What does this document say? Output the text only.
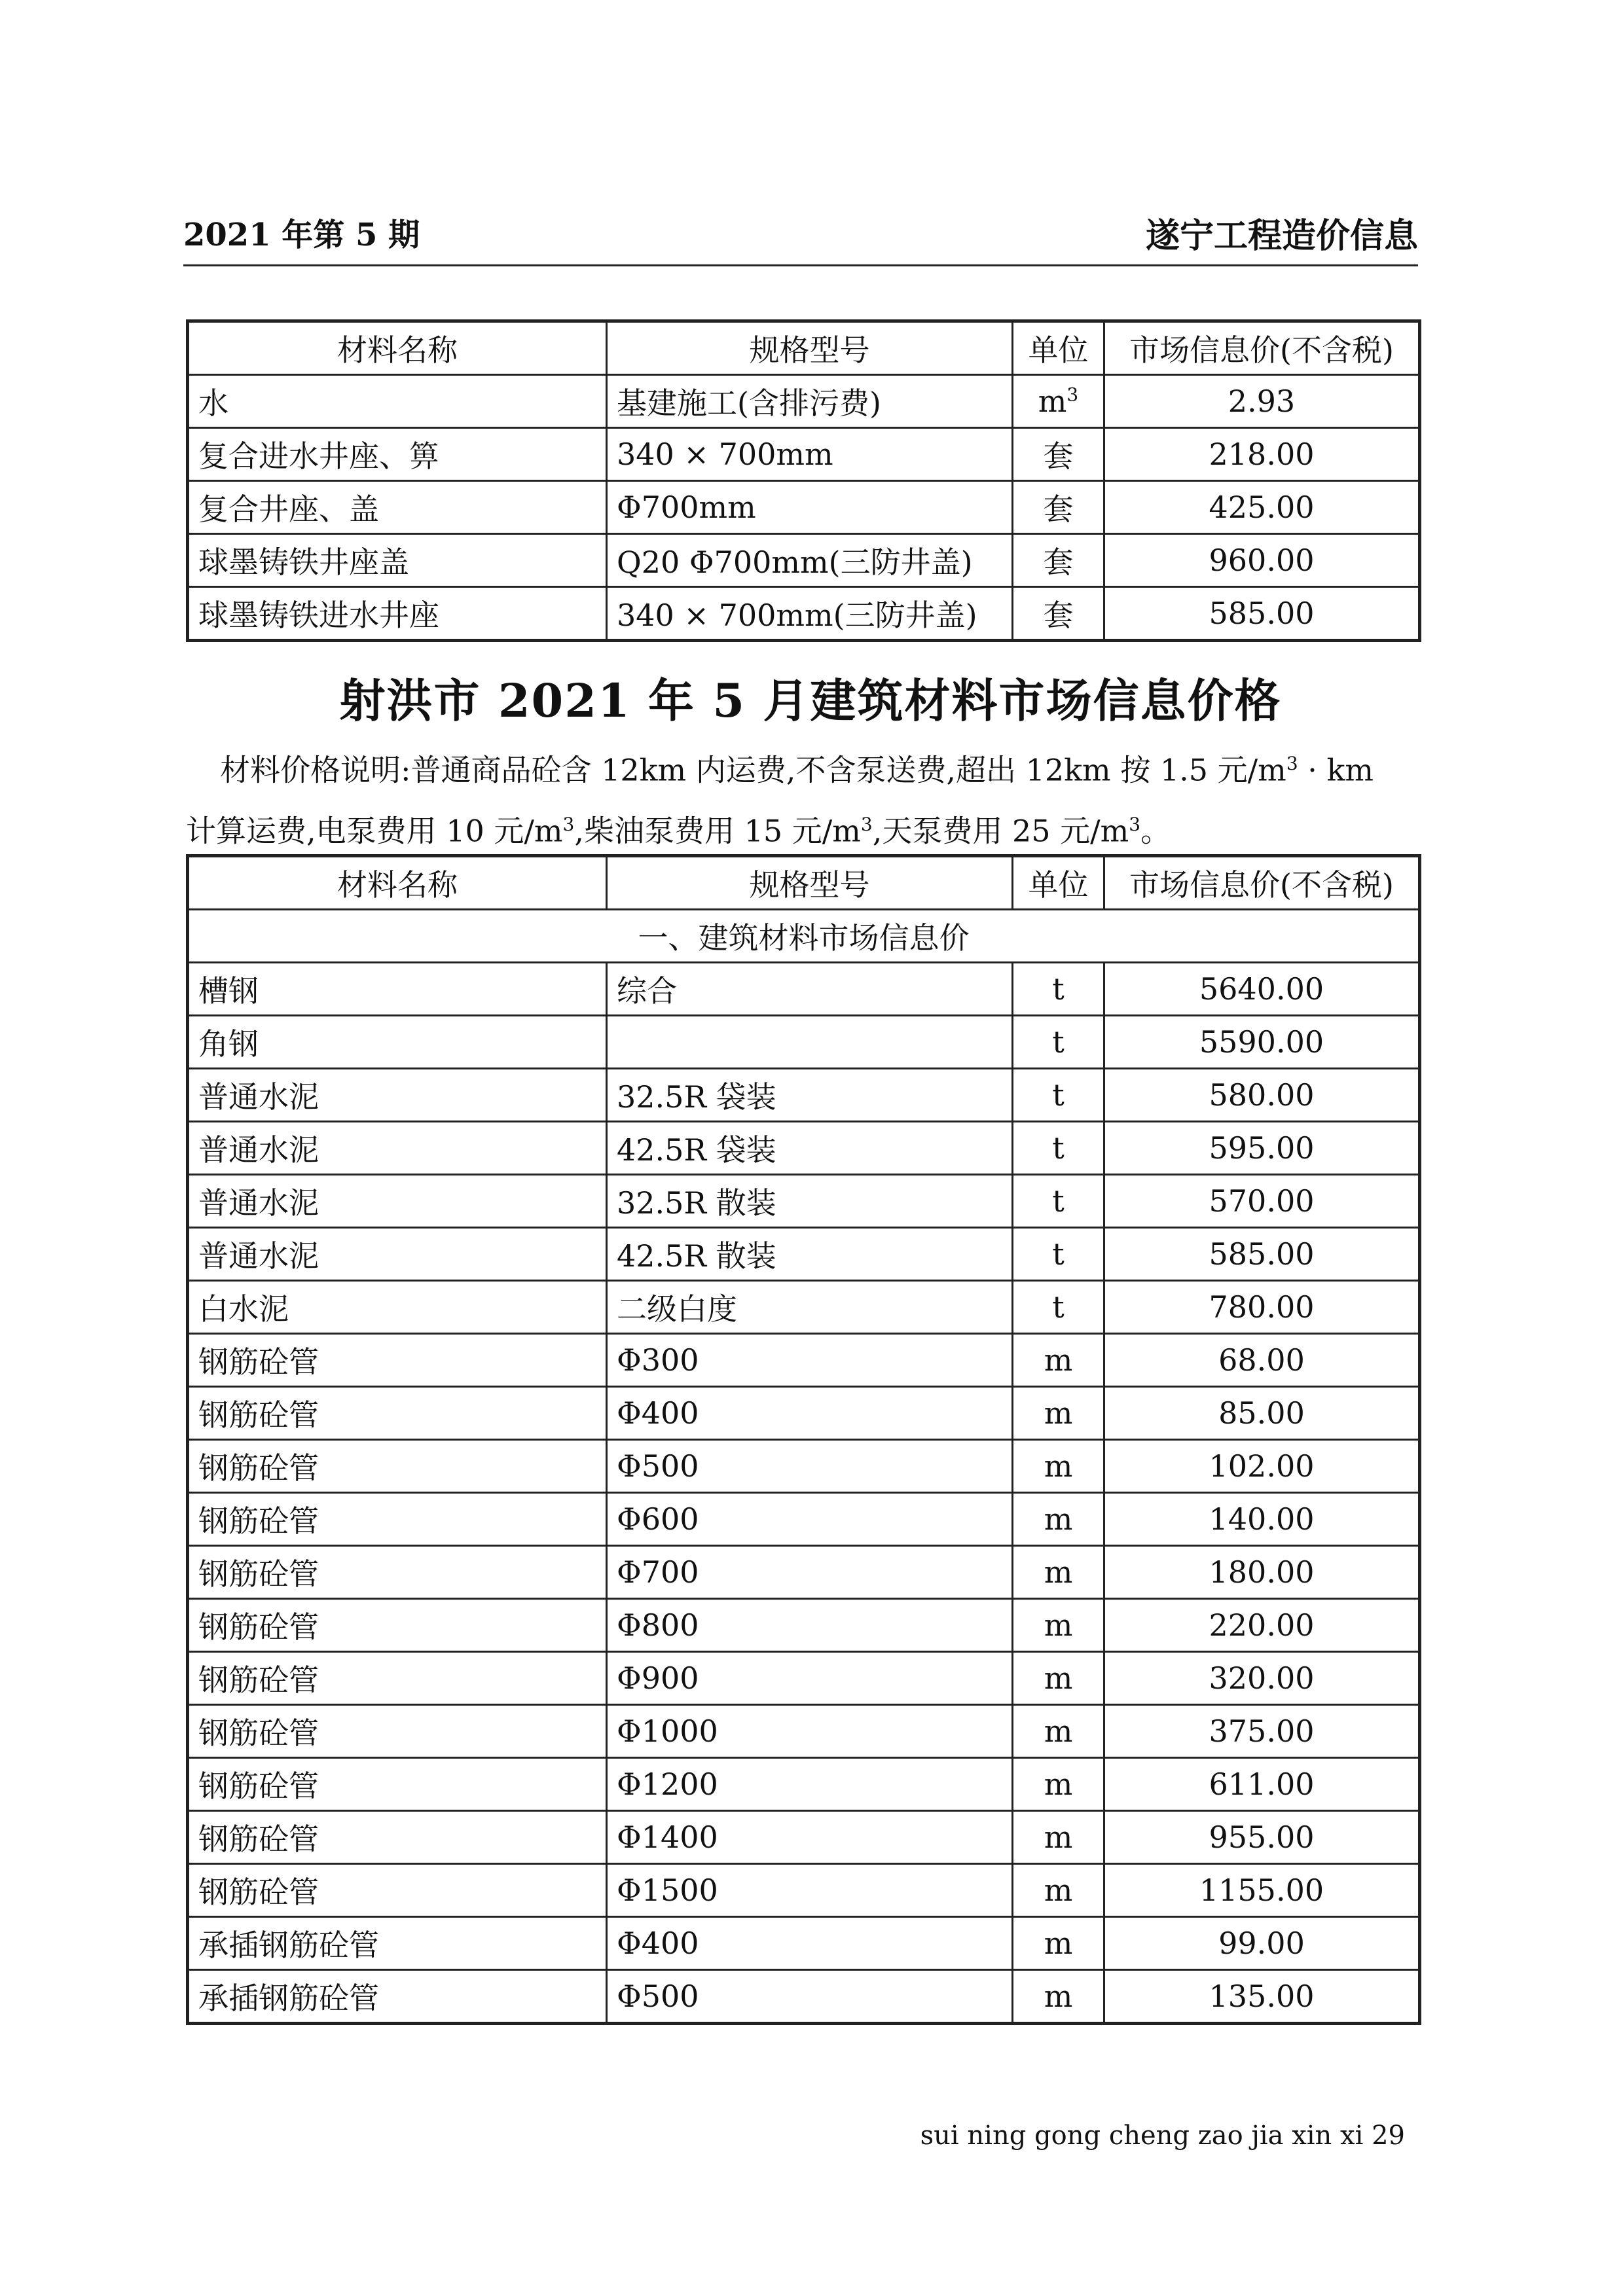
2021 年第 5 期	遂宁工程造价信息
材料名称	规格型号	单位	市场信息价(不含税)
水	基建施工(含排污费)	$m^3$	2.93
复合进水井座、箅	340 × 700mm	套	218.00
复合井座、盖	Φ700mm	套	425.00
球墨铸铁井座盖	Q20 Φ700mm(三防井盖)	套	960.00
球墨铸铁进水井座	340 × 700mm(三防井盖)	套	585.00
射洪市 2021 年 5 月建筑材料市场信息价格

材料价格说明:普通商品砼含 12km 内运费,不含泵送费,超出 12km 按 1.5 元$/m^3$ · km

计算运费,电泵费用 10 元$/m^3$,柴油泵费用 15 元$/m^3$,天泵费用 25 元$/m^3$。

材料名称	规格型号	单位	市场信息价(不含税)
一、建筑材料市场信息价			
槽钢	综合	t	5640.00
角钢		t	5590.00
普通水泥	32.5R 袋装	t	580.00
普通水泥	42.5R 袋装	t	595.00
普通水泥	32.5R 散装	t	570.00
普通水泥	42.5R 散装	t	585.00
白水泥	二级白度	t	780.00
钢筋砼管	Φ300	m	68.00
钢筋砼管	Φ400	m	85.00
钢筋砼管	Φ500	m	102.00
钢筋砼管	Φ600	m	140.00
钢筋砼管	Φ700	m	180.00
钢筋砼管	Φ800	m	220.00
钢筋砼管	Φ900	m	320.00
钢筋砼管	Φ1000	m	375.00
钢筋砼管	Φ1200	m	611.00
钢筋砼管	Φ1400	m	955.00
钢筋砼管	Φ1500	m	1155.00
承插钢筋砼管	Φ400	m	99.00
承插钢筋砼管	Φ500	m	135.00
sui ning gong cheng zao jia xin xi 29
